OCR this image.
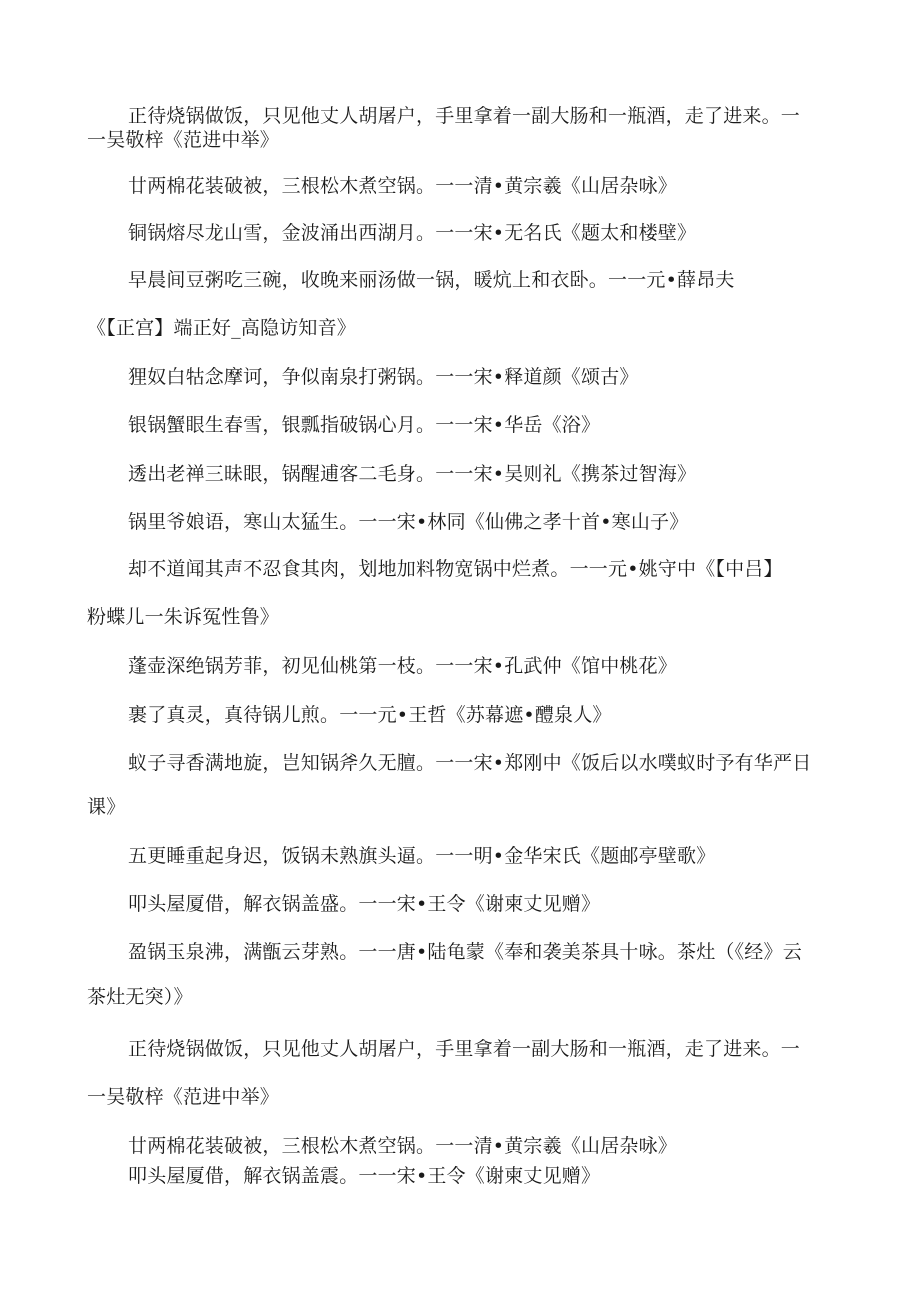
正待烧锅做饭，只见他丈人胡屠户，手里拿着一副大肠和一瓶酒，走了进来。一
一吴敬梓《范进中举》
廿两棉花装破被，三根松木煮空锅。一一清•黄宗羲《山居杂咏》
铜锅熔尽龙山雪，金波涌出西湖月。一一宋•无名氏《题太和楼壁》
早晨间豆粥吃三碗，收晚来丽汤做一锅，暖炕上和衣卧。一一元•薛昂夫
《【正宫】端正好_高隐访知音》
狸奴白牯念摩诃，争似南泉打粥锅。一一宋•释道颜《颂古》
银锅蟹眼生春雪，银瓢指破锅心月。一一宋•华岳《浴》
透出老禅三昧眼，锅醒逋客二毛身。一一宋•吴则礼《携茶过智海》
锅里爷娘语，寒山太猛生。一一宋•林同《仙佛之孝十首•寒山子》
却不道闻其声不忍食其肉，划地加料物宽锅中烂煮。一一元•姚守中《【中吕】
粉蝶儿一朱诉冤性鲁》
蓬壶深绝锅芳菲，初见仙桃第一枝。一一宋•孔武仲《馆中桃花》
裹了真灵，真待锅儿煎。一一元•王哲《苏幕遮•醴泉人》
蚁子寻香满地旋，岂知锅斧久无膻。一一宋•郑刚中《饭后以水噗蚁时予有华严日
课》
五更睡重起身迟，饭锅未熟旗头逼。一一明•金华宋氏《题邮亭壁歌》
叩头屋厦借，解衣锅盖盛。一一宋•王令《谢柬丈见赠》
盈锅玉泉沸，满甑云芽熟。一一唐•陆龟蒙《奉和袭美茶具十咏。茶灶（《经》云
茶灶无突）》
正待烧锅做饭，只见他丈人胡屠户，手里拿着一副大肠和一瓶酒，走了进来。一
一吴敬梓《范进中举》
廿两棉花装破被，三根松木煮空锅。一一清•黄宗羲《山居杂咏》
叩头屋厦借，解衣锅盖震。一一宋•王令《谢柬丈见赠》
